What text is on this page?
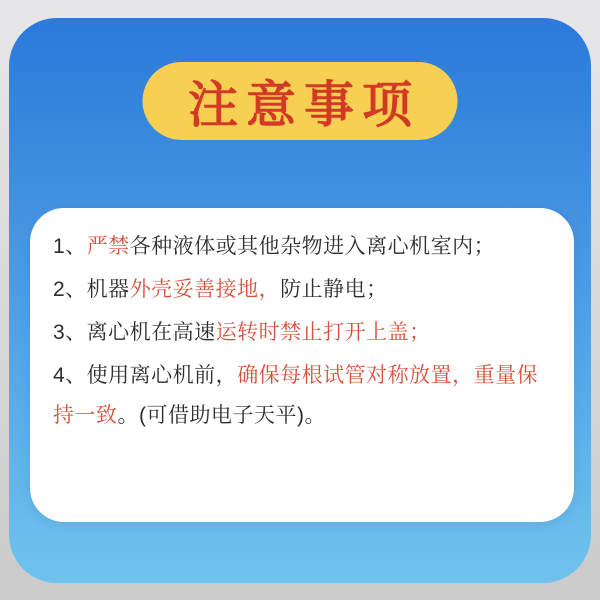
注意事项
1、严禁各种液体或其他杂物进入离心机室内；
2、机器外壳妥善接地，防止静电；
3、离心机在高速运转时禁止打开上盖；
4、使用离心机前，确保每根试管对称放置，重量保持一致。(可借助电子天平)。
